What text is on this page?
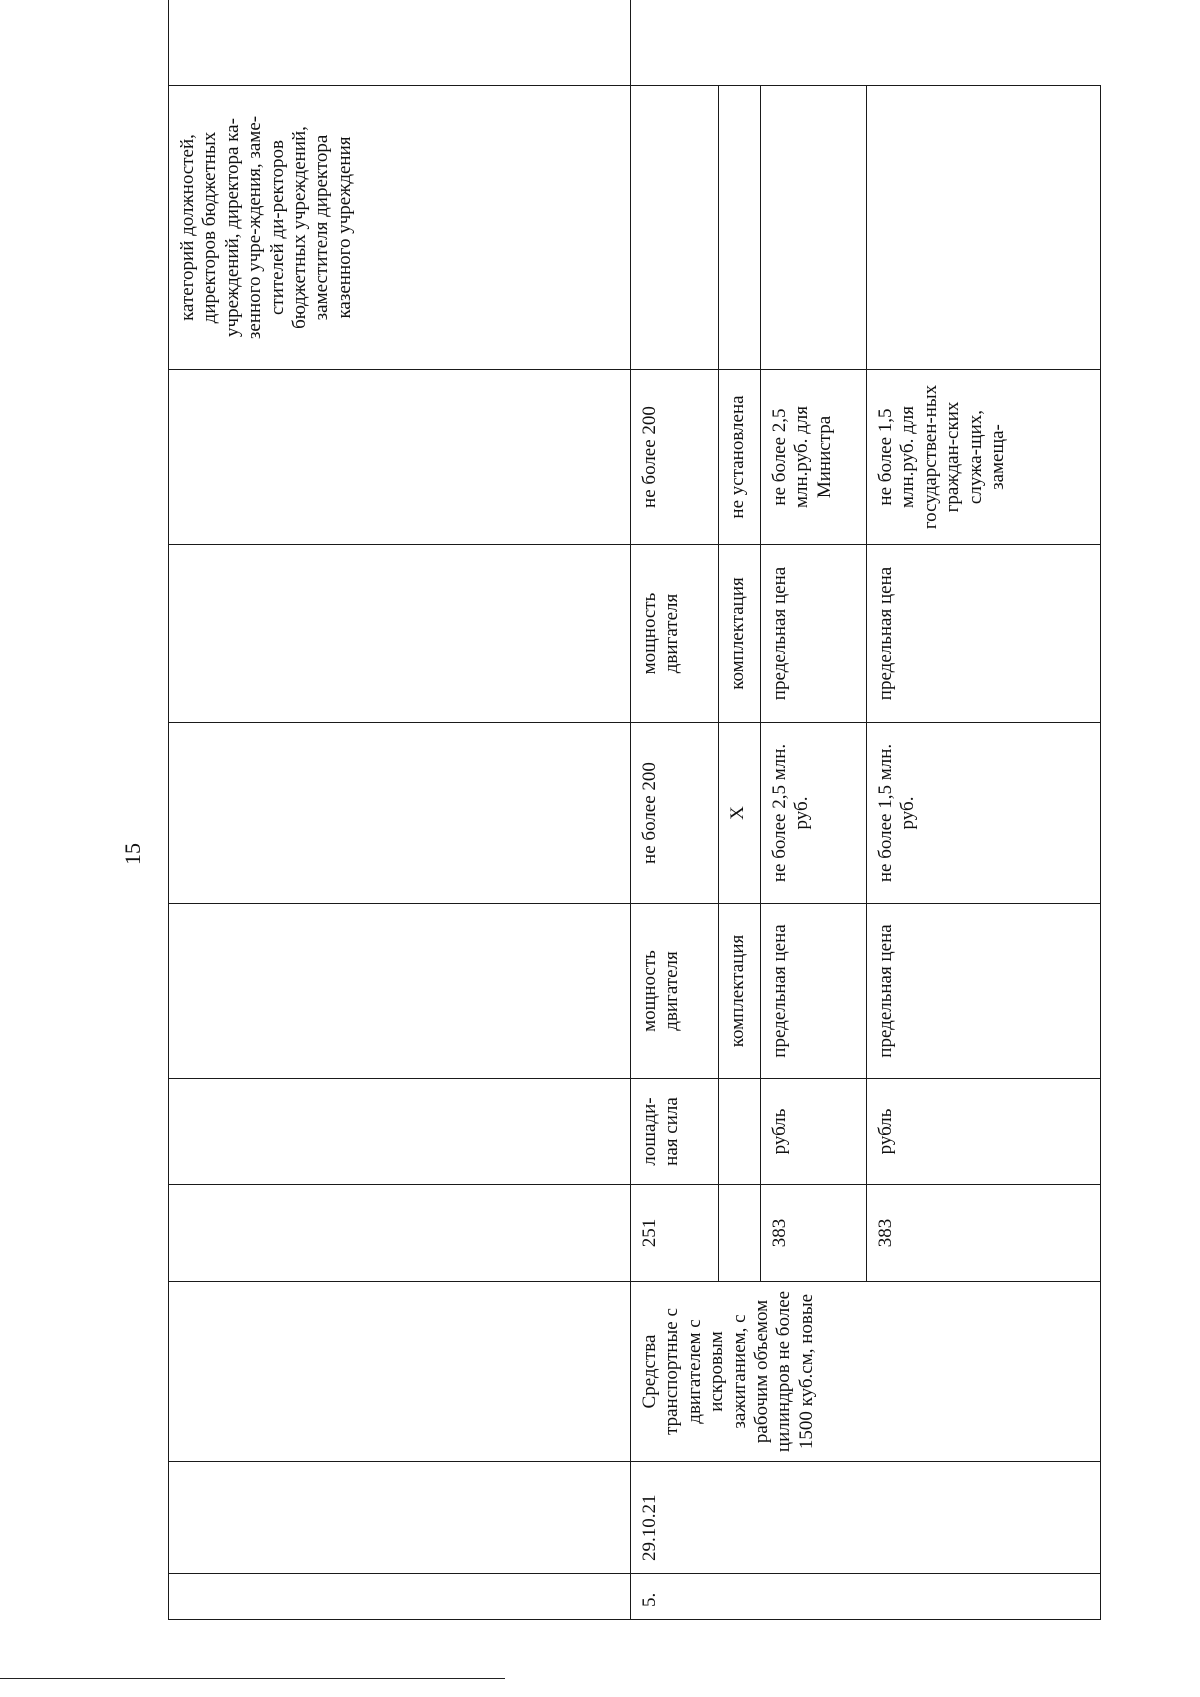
15
									категорий должностей, директоров бюджетных учреждений, директора ка-зенного учре-ждения, заме-стителей ди-ректоров бюджетных учреждений, заместителя директора казенного учреждения	
5.	29.10.21	Средства транспортные с двигателем с искровым зажиганием, с рабочим объемом цилиндров не более 1500 куб.см, новые	251	лошади-ная сила	мощность двигателя	не более 200	мощность двигателя	не более 200		
					комплектация	X	комплектация	не установлена		
			383	рубль	предельная цена	не более 2,5 млн. руб.	предельная цена	не более 2,5 млн.руб. для Министра		
			383	рубль	предельная цена	не более 1,5 млн. руб.	предельная цена	не более 1,5 млн.руб. для государствен-ных граждан-ских служа-щих, замеща-		
